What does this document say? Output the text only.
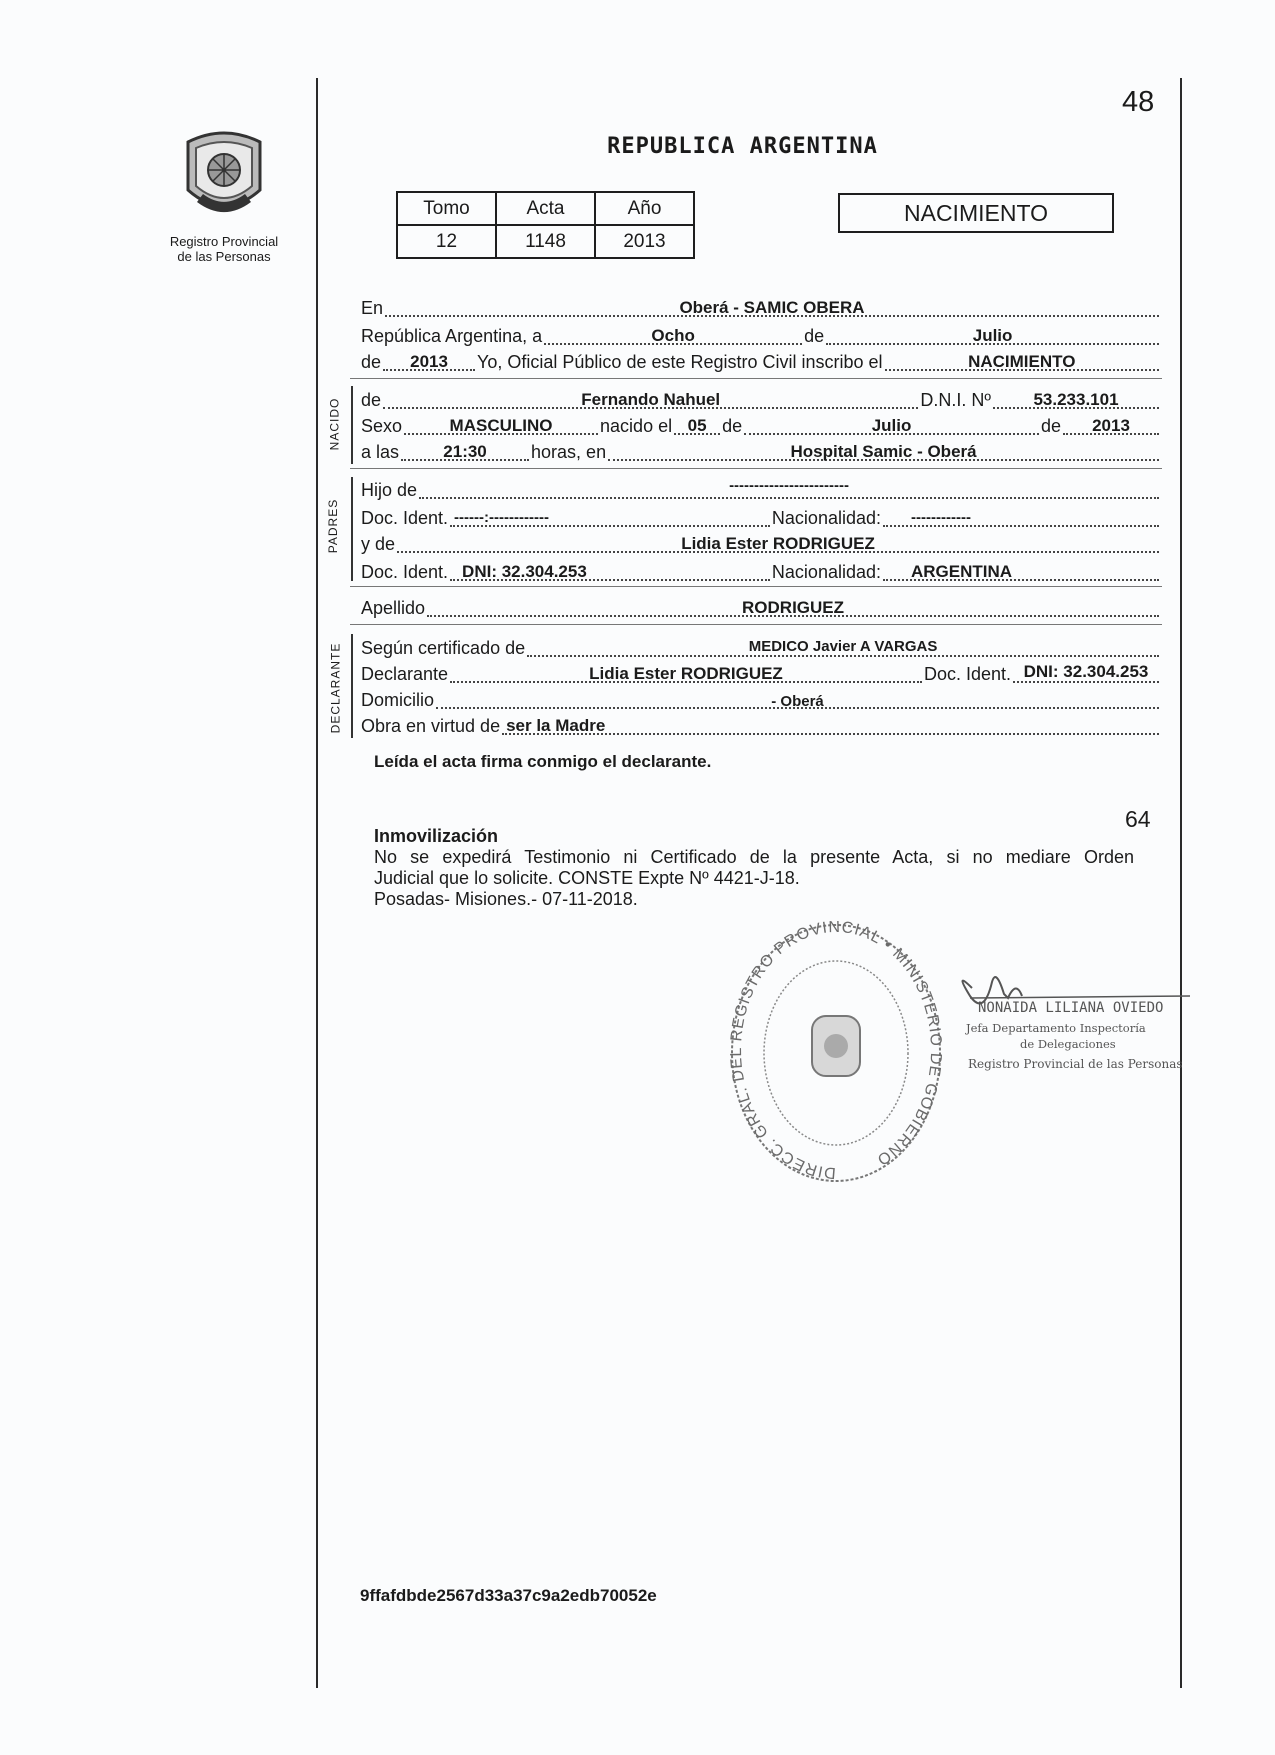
Registro Provincial
de las Personas
48
REPUBLICA ARGENTINA
Tomo	Acta	Año
12	1148	2013
NACIMIENTO
En	Oberá - SAMIC OBERA
República Argentina, a	Ocho	de	Julio
de	2013	Yo, Oficial Público de este Registro Civil inscribo el	NACIMIENTO
NACIDO de	Fernando Nahuel	D.N.I. Nº	53.233.101
Sexo	MASCULINO	nacido el 05 de	Julio	de	2013
a las	21:30	horas, en	Hospital Samic - Oberá
PADRES
Hijo de	------------------------
Doc. Ident. ------:------------	Nacionalidad: ------------
y de	Lidia Ester RODRIGUEZ
Doc. Ident. DNI: 32.304.253	Nacionalidad: ARGENTINA
Apellido	RODRIGUEZ
DECLARANTE Según certificado de	MEDICO Javier A VARGAS
Declarante	Lidia Ester RODRIGUEZ	Doc. Ident. DNI: 32.304.253
Domicilio	- Oberá
Obra en virtud de ser la Madre
Leída el acta firma conmigo el declarante.
64
Inmovilización
No se expedirá Testimonio ni Certificado de la presente Acta, si no mediare Orden
Judicial que lo solicite. CONSTE Expte Nº 4421-J-18.
Posadas- Misiones.- 07-11-2018.
DIRECC. GRAL. DEL REGISTRO PROVINCIAL • MINISTERIO DE GOBIERNO
NONAIDA LILIANA OVIEDO
Jefa Departamento Inspectoría
de Delegaciones
Registro Provincial de las Personas
9ffafdbde2567d33a37c9a2edb70052e
